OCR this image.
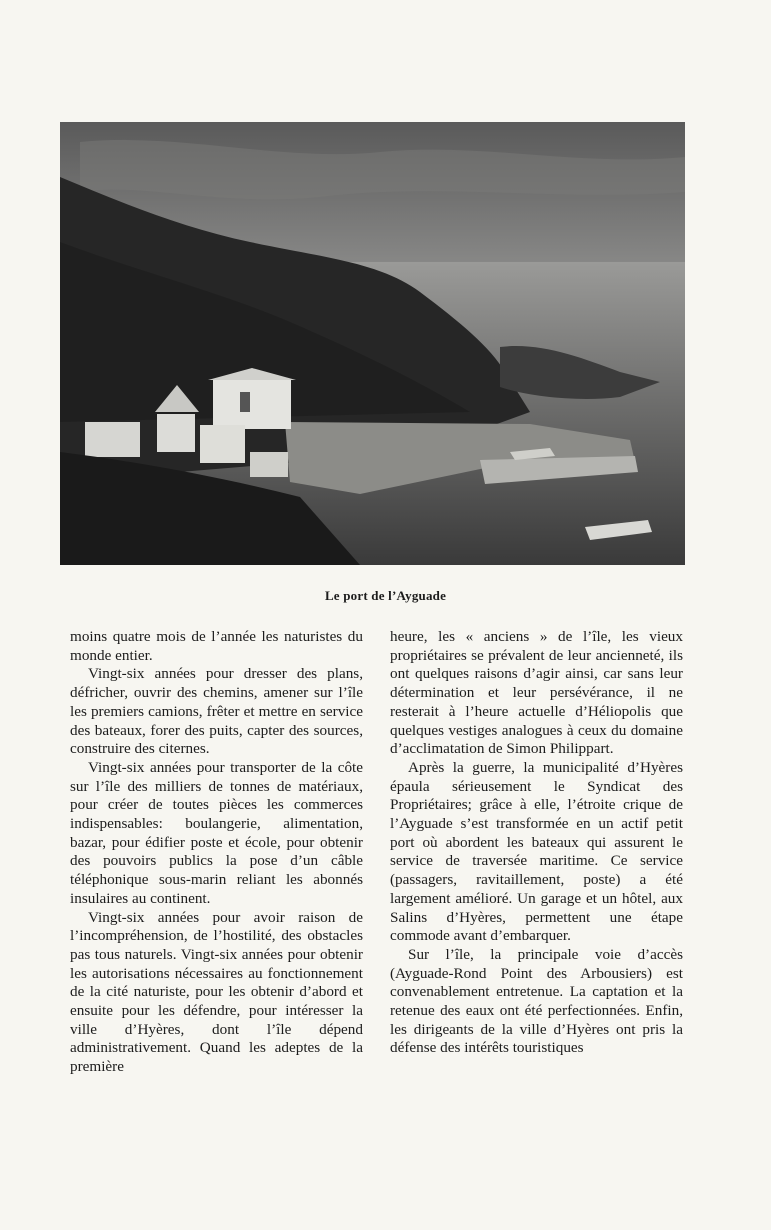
Le port de l’Ayguade

moins quatre mois de l’année les naturistes du monde entier.

Vingt-six années pour dresser des plans, défricher, ouvrir des chemins, amener sur l’île les premiers camions, frêter et mettre en service des bateaux, forer des puits, capter des sources, construire des citernes.

Vingt-six années pour transporter de la côte sur l’île des milliers de tonnes de matériaux, pour créer de toutes pièces les commerces indispensables: boulangerie, alimentation, bazar, pour édifier poste et école, pour obtenir des pouvoirs publics la pose d’un câble téléphonique sous-marin reliant les abonnés insulaires au continent.

Vingt-six années pour avoir raison de l’incompréhension, de l’hostilité, des obstacles pas tous naturels. Vingt-six années pour obtenir les autorisations nécessaires au fonctionnement de la cité naturiste, pour les obtenir d’abord et ensuite pour les défendre, pour intéresser la ville d’Hyères, dont l’île dépend administrativement. Quand les adeptes de la première

heure, les « anciens » de l’île, les vieux propriétaires se prévalent de leur ancienneté, ils ont quelques raisons d’agir ainsi, car sans leur détermination et leur persévérance, il ne resterait à l’heure actuelle d’Héliopolis que quelques vestiges analogues à ceux du domaine d’acclimatation de Simon Philippart.

Après la guerre, la municipalité d’Hyères épaula sérieusement le Syndicat des Propriétaires; grâce à elle, l’étroite crique de l’Ayguade s’est transformée en un actif petit port où abordent les bateaux qui assurent le service de traversée maritime. Ce service (passagers, ravitaillement, poste) a été largement amélioré. Un garage et un hôtel, aux Salins d’Hyères, permettent une étape commode avant d’embarquer.

Sur l’île, la principale voie d’accès (Ayguade-Rond Point des Arbousiers) est convenablement entretenue. La captation et la retenue des eaux ont été perfectionnées. Enfin, les dirigeants de la ville d’Hyères ont pris la défense des intérêts touristiques
